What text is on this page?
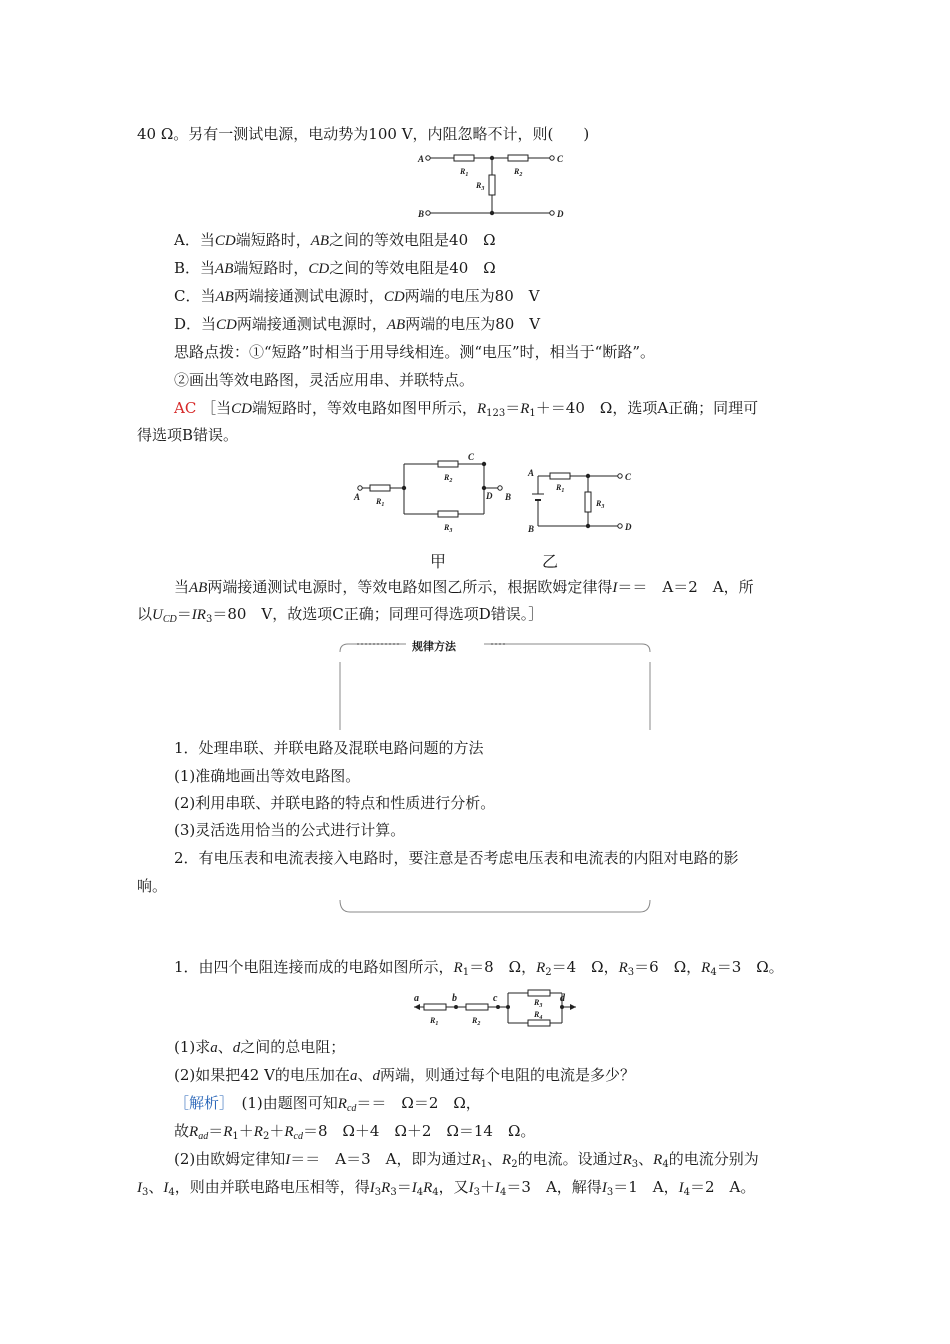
40 Ω。另有一测试电源，电动势为100 V，内阻忽略不计，则(　　)
A	C
B	D
$R_1$	$R_2$
$R_3$
A．当CD端短路时，AB之间的等效电阻是40　Ω
B．当AB端短路时，CD之间的等效电阻是40　Ω
C．当AB两端接通测试电源时，CD两端的电压为80　V
D．当CD两端接通测试电源时，AB两端的电压为80　V
思路点拨：①“短路”时相当于用导线相连。测“电压”时，相当于“断路”。
②画出等效电路图，灵活应用串、并联特点。
AC ［当CD端短路时，等效电路如图甲所示，$R_{123}=R_1+=40$　Ω，选项A正确；同理可
得选项B错误。
A	B
C
D
$R_1$
$R_2$
$R_3$
A
B
C
D
$R_1$
$R_3$
甲	乙
当AB两端接通测试电源时，等效电路如图乙所示，根据欧姆定律得I＝＝　A＝2　A，所
以$U_{CD}=IR_3=80$　V，故选项C正确；同理可得选项D错误。］
规律方法
1．处理串联、并联电路及混联电路问题的方法
(1)准确地画出等效电路图。
(2)利用串联、并联电路的特点和性质进行分析。
(3)灵活选用恰当的公式进行计算。
2．有电压表和电流表接入电路时，要注意是否考虑电压表和电流表的内阻对电路的影
响。
1．由四个电阻连接而成的电路如图所示，$R_1=8$　Ω，$R_2=4$　Ω，$R_3=6$　Ω，$R_4=3$　Ω。
a	b	c	d
$R_1$	$R_2$
$R_3$
$R_4$
(1)求a、d之间的总电阻；
(2)如果把42 V的电压加在a、d两端，则通过每个电阻的电流是多少？
［解析］　(1)由题图可知$R_{cd}==$　Ω＝2　Ω，
故$R_{ad}=R_1+R_2+R_{cd}=8$　Ω＋4　Ω＋2　Ω＝14　Ω。
(2)由欧姆定律知I＝＝　A＝3　A，即为通过$R_1$、$R_2$的电流。设通过$R_3$、$R_4$的电流分别为
$I_3$、$I_4$，则由并联电路电压相等，得$I_3R_3=I_4R_4$，又$I_3+I_4=3$　A，解得$I_3=1$　A，$I_4=2$　A。
